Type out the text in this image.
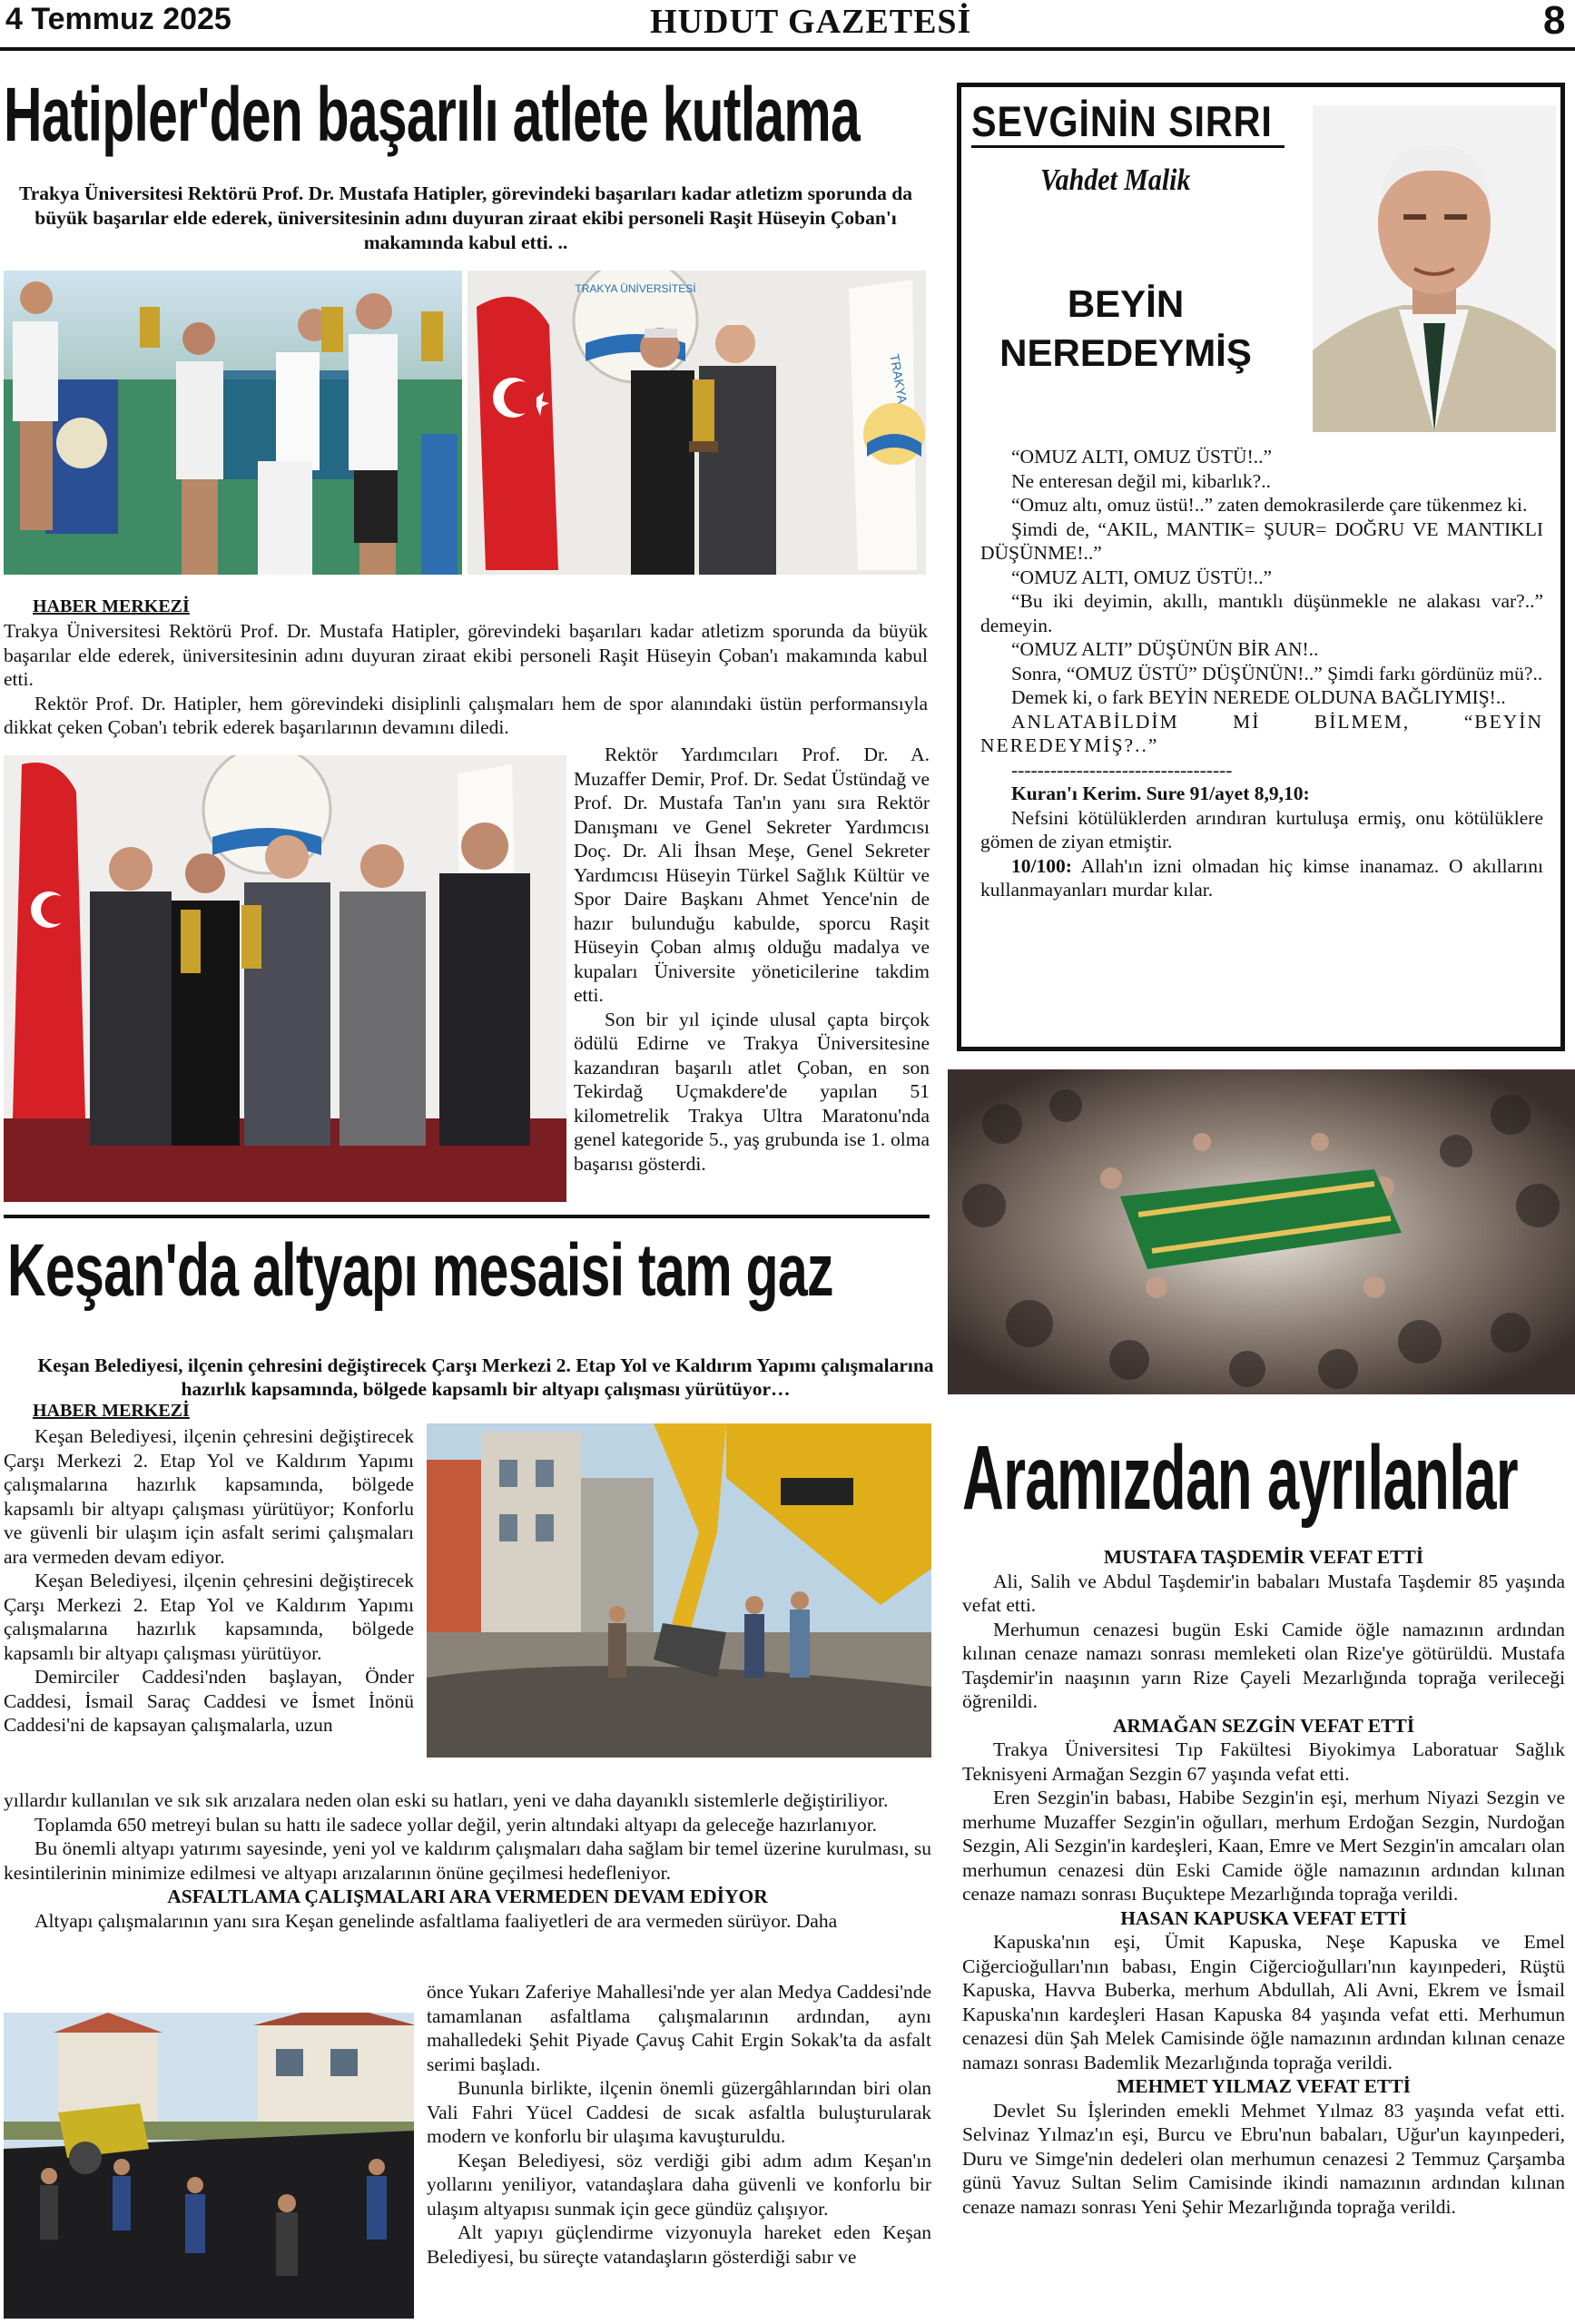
4 Temmuz 2025	HUDUT GAZETESİ	8
Hatipler'den başarılı atlete kutlama
Trakya Üniversitesi Rektörü Prof. Dr. Mustafa Hatipler, görevindeki başarıları kadar atletizm sporunda da büyük başarılar elde ederek, üniversitesinin adını duyuran ziraat ekibi personeli Raşit Hüseyin Çoban'ı makamında kabul etti. ..
TRAKYA ÜNİVERSİTESİ
TRAKYA
HABER MERKEZİ

Trakya Üniversitesi Rektörü Prof. Dr. Mustafa Hatipler, görevindeki başarıları kadar atletizm sporunda da büyük başarılar elde ederek, üniversitesinin adını duyuran ziraat ekibi personeli Raşit Hüseyin Çoban'ı makamında kabul etti.

Rektör Prof. Dr. Hatipler, hem görevindeki disiplinli çalışmaları hem de spor alanındaki üstün performansıyla dikkat çeken Çoban'ı tebrik ederek başarılarının devamını diledi.

Rektör Yardımcıları Prof. Dr. A. Muzaffer Demir, Prof. Dr. Sedat Üstündağ ve Prof. Dr. Mustafa Tan'ın yanı sıra Rektör Danışmanı ve Genel Sekreter Yardımcısı Doç. Dr. Ali İhsan Meşe, Genel Sekreter Yardımcısı Hüseyin Türkel Sağlık Kültür ve Spor Daire Başkanı Ahmet Yence'nin de hazır bulunduğu kabulde, sporcu Raşit Hüseyin Çoban almış olduğu madalya ve kupaları Üniversite yöneticilerine takdim etti.

Son bir yıl içinde ulusal çapta birçok ödülü Edirne ve Trakya Üniversitesine kazandıran başarılı atlet Çoban, en son Tekirdağ Uçmakdere'de yapılan 51 kilometrelik Trakya Ultra Maratonu'nda genel kategoride 5., yaş grubunda ise 1. olma başarısı gösterdi.

SEVGİNİN SIRRI
Vahdet Malik
BEYİN
NEREDEYMİŞ

“OMUZ ALTI, OMUZ ÜSTÜ!..”

Ne enteresan değil mi, kibarlık?..

“Omuz altı, omuz üstü!..” zaten demokrasilerde çare tükenmez ki.

Şimdi de, “AKIL, MANTIK= ŞUUR= DOĞRU VE MANTIKLI DÜŞÜNME!..”

“OMUZ ALTI, OMUZ ÜSTÜ!..”

“Bu iki deyimin, akıllı, mantıklı düşünmekle ne alakası var?..” demeyin.

“OMUZ ALTI” DÜŞÜNÜN BİR AN!..

Sonra, “OMUZ ÜSTÜ” DÜŞÜNÜN!..” Şimdi farkı gördünüz mü?..

Demek ki, o fark BEYİN NEREDE OLDUNA BAĞLIYMIŞ!..

ANLATABİLDİM Mİ BİLMEM, “BEYİN NEREDEYMİŞ?..”

----------------------------------

Kuran'ı Kerim. Sure 91/ayet 8,9,10:

Nefsini kötülüklerden arındıran kurtuluşa ermiş, onu kötülüklere gömen de ziyan etmiştir.

10/100: Allah'ın izni olmadan hiç kimse inanamaz. O akıllarını kullanmayanları murdar kılar.

Keşan'da altyapı mesaisi tam gaz
Keşan Belediyesi, ilçenin çehresini değiştirecek Çarşı Merkezi 2. Etap Yol ve Kaldırım Yapımı çalışmalarına hazırlık kapsamında, bölgede kapsamlı bir altyapı çalışması yürütüyor…
HABER MERKEZİ

Keşan Belediyesi, ilçenin çehresini değiştirecek Çarşı Merkezi 2. Etap Yol ve Kaldırım Yapımı çalışmalarına hazırlık kapsamında, bölgede kapsamlı bir altyapı çalışması yürütüyor; Konforlu ve güvenli bir ulaşım için asfalt serimi çalışmaları ara vermeden devam ediyor.

Keşan Belediyesi, ilçenin çehresini değiştirecek Çarşı Merkezi 2. Etap Yol ve Kaldırım Yapımı çalışmalarına hazırlık kapsamında, bölgede kapsamlı bir altyapı çalışması yürütüyor.

Demirciler Caddesi'nden başlayan, Önder Caddesi, İsmail Saraç Caddesi ve İsmet İnönü Caddesi'ni de kapsayan çalışmalarla, uzun

yıllardır kullanılan ve sık sık arızalara neden olan eski su hatları, yeni ve daha dayanıklı sistemlerle değiştiriliyor.

Toplamda 650 metreyi bulan su hattı ile sadece yollar değil, yerin altındaki altyapı da geleceğe hazırlanıyor.

Bu önemli altyapı yatırımı sayesinde, yeni yol ve kaldırım çalışmaları daha sağlam bir temel üzerine kurulması, su kesintilerinin minimize edilmesi ve altyapı arızalarının önüne geçilmesi hedefleniyor.

ASFALTLAMA ÇALIŞMALARI ARA VERMEDEN DEVAM EDİYOR

Altyapı çalışmalarının yanı sıra Keşan genelinde asfaltlama faaliyetleri de ara vermeden sürüyor. Daha

önce Yukarı Zaferiye Mahallesi'nde yer alan Medya Caddesi'nde tamamlanan asfaltlama çalışmalarının ardından, aynı mahalledeki Şehit Piyade Çavuş Cahit Ergin Sokak'ta da asfalt serimi başladı.

Bununla birlikte, ilçenin önemli güzergâhlarından biri olan Vali Fahri Yücel Caddesi de sıcak asfaltla buluşturularak modern ve konforlu bir ulaşıma kavuşturuldu.

Keşan Belediyesi, söz verdiği gibi adım adım Keşan'ın yollarını yeniliyor, vatandaşlara daha güvenli ve konforlu bir ulaşım altyapısı sunmak için gece gündüz çalışıyor.

Alt yapıyı güçlendirme vizyonuyla hareket eden Keşan Belediyesi, bu süreçte vatandaşların gösterdiği sabır ve

Aramızdan ayrılanlar

MUSTAFA TAŞDEMİR VEFAT ETTİ

Ali, Salih ve Abdul Taşdemir'in babaları Mustafa Taşdemir 85 yaşında vefat etti.

Merhumun cenazesi bugün Eski Camide öğle namazının ardından kılınan cenaze namazı sonrası memleketi olan Rize'ye götürüldü. Mustafa Taşdemir'in naaşının yarın Rize Çayeli Mezarlığında toprağa verileceği öğrenildi.

ARMAĞAN SEZGİN VEFAT ETTİ

Trakya Üniversitesi Tıp Fakültesi Biyokimya Laboratuar Sağlık Teknisyeni Armağan Sezgin 67 yaşında vefat etti.

Eren Sezgin'in babası, Habibe Sezgin'in eşi, merhum Niyazi Sezgin ve merhume Muzaffer Sezgin'in oğulları, merhum Erdoğan Sezgin, Nurdoğan Sezgin, Ali Sezgin'in kardeşleri, Kaan, Emre ve Mert Sezgin'in amcaları olan merhumun cenazesi dün Eski Camide öğle namazının ardından kılınan cenaze namazı sonrası Buçuktepe Mezarlığında toprağa verildi.

HASAN KAPUSKA VEFAT ETTİ

Kapuska'nın eşi, Ümit Kapuska, Neşe Kapuska ve Emel Ciğercioğulları'nın babası, Engin Ciğercioğulları'nın kayınpederi, Rüştü Kapuska, Havva Buberka, merhum Abdullah, Ali Avni, Ekrem ve İsmail Kapuska'nın kardeşleri Hasan Kapuska 84 yaşında vefat etti. Merhumun cenazesi dün Şah Melek Camisinde öğle namazının ardından kılınan cenaze namazı sonrası Bademlik Mezarlığında toprağa verildi.

MEHMET YILMAZ VEFAT ETTİ

Devlet Su İşlerinden emekli Mehmet Yılmaz 83 yaşında vefat etti. Selvinaz Yılmaz'ın eşi, Burcu ve Ebru'nun babaları, Uğur'un kayınpederi, Duru ve Simge'nin dedeleri olan merhumun cenazesi 2 Temmuz Çarşamba günü Yavuz Sultan Selim Camisinde ikindi namazının ardından kılınan cenaze namazı sonrası Yeni Şehir Mezarlığında toprağa verildi.
